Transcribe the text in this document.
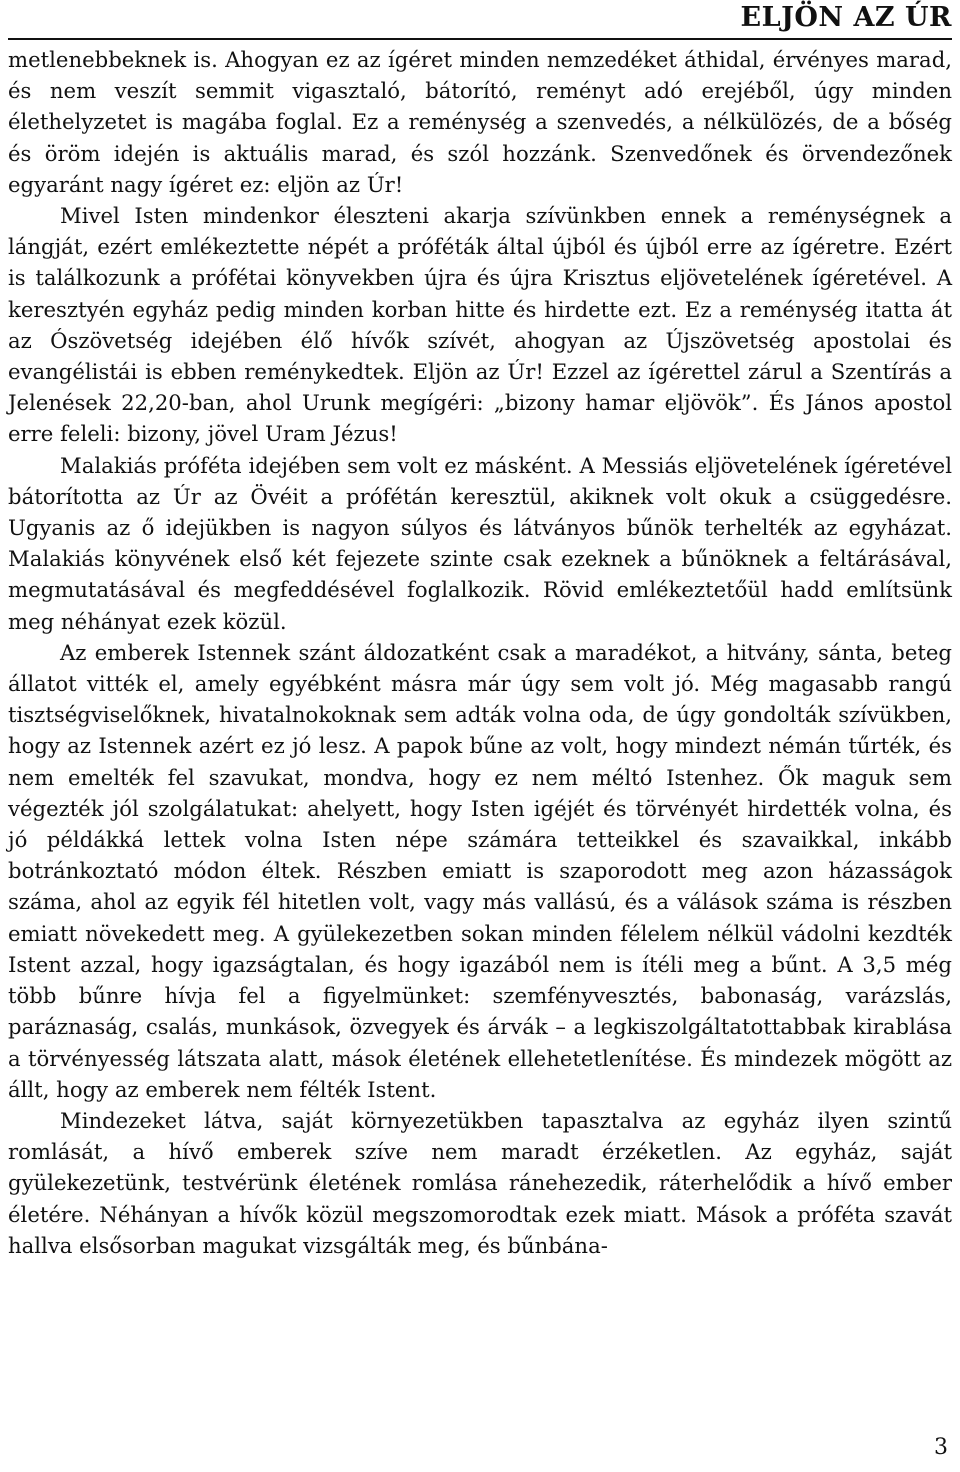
ELJÖN AZ ÚR

metlenebbeknek is. Ahogyan ez az ígéret minden nemzedéket áthidal, érvényes marad, és nem veszít semmit vigasztaló, bátorító, reményt adó erejéből, úgy minden élethelyzetet is magába foglal. Ez a reménység a szenvedés, a nélkülözés, de a bőség és öröm idején is aktuális marad, és szól hozzánk. Szenvedőnek és örvendezőnek egyaránt nagy ígéret ez: eljön az Úr!

Mivel Isten mindenkor éleszteni akarja szívünkben ennek a reménységnek a lángját, ezért emlékeztette népét a próféták által újból és újból erre az ígéretre. Ezért is találkozunk a prófétai könyvekben újra és újra Krisztus eljövetelének ígéretével. A keresztyén egyház pedig minden korban hitte és hirdette ezt. Ez a reménység itatta át az Ószövetség idejében élő hívők szívét, ahogyan az Újszövetség apostolai és evangélistái is ebben reménykedtek. Eljön az Úr! Ezzel az ígérettel zárul a Szentírás a Jelenések 22,20-ban, ahol Urunk megígéri: „bizony hamar eljövök”. És János apostol erre feleli: bizony, jövel Uram Jézus!

Malakiás próféta idejében sem volt ez másként. A Messiás eljövetelének ígéretével bátorította az Úr az Övéit a prófétán keresztül, akiknek volt okuk a csüggedésre. Ugyanis az ő idejükben is nagyon súlyos és látványos bűnök terhelték az egyházat. Malakiás könyvének első két fejezete szinte csak ezeknek a bűnöknek a feltárásával, megmutatásával és megfeddésével foglalkozik. Rövid emlékeztetőül hadd említsünk meg néhányat ezek közül.

Az emberek Istennek szánt áldozatként csak a maradékot, a hitvány, sánta, beteg állatot vitték el, amely egyébként másra már úgy sem volt jó. Még magasabb rangú tisztségviselőknek, hivatalnokoknak sem adták volna oda, de úgy gondolták szívükben, hogy az Istennek azért ez jó lesz. A papok bűne az volt, hogy mindezt némán tűrték, és nem emelték fel szavukat, mondva, hogy ez nem méltó Istenhez. Ők maguk sem végezték jól szolgálatukat: ahelyett, hogy Isten igéjét és törvényét hirdették volna, és jó példákká lettek volna Isten népe számára tetteikkel és szavaikkal, inkább botránkoztató módon éltek. Részben emiatt is szaporodott meg azon házasságok száma, ahol az egyik fél hitetlen volt, vagy más vallású, és a válások száma is részben emiatt növekedett meg. A gyülekezetben sokan minden félelem nélkül vádolni kezdték Istent azzal, hogy igazságtalan, és hogy igazából nem is ítéli meg a bűnt. A 3,5 még több bűnre hívja fel a figyelmünket: szemfényvesztés, babonaság, varázslás, paráznaság, csalás, munkások, özvegyek és árvák – a legkiszolgáltatottabbak kirablása a törvényesség látszata alatt, mások életének ellehetetlenítése. És mindezek mögött az állt, hogy az emberek nem félték Istent.

Mindezeket látva, saját környezetükben tapasztalva az egyház ilyen szintű romlását, a hívő emberek szíve nem maradt érzéketlen. Az egyház, saját gyülekezetünk, testvérünk életének romlása ránehezedik, ráterhelődik a hívő ember életére. Néhányan a hívők közül megszomorodtak ezek miatt. Mások a próféta szavát hallva elsősorban magukat vizsgálták meg, és bűnbána-

3
